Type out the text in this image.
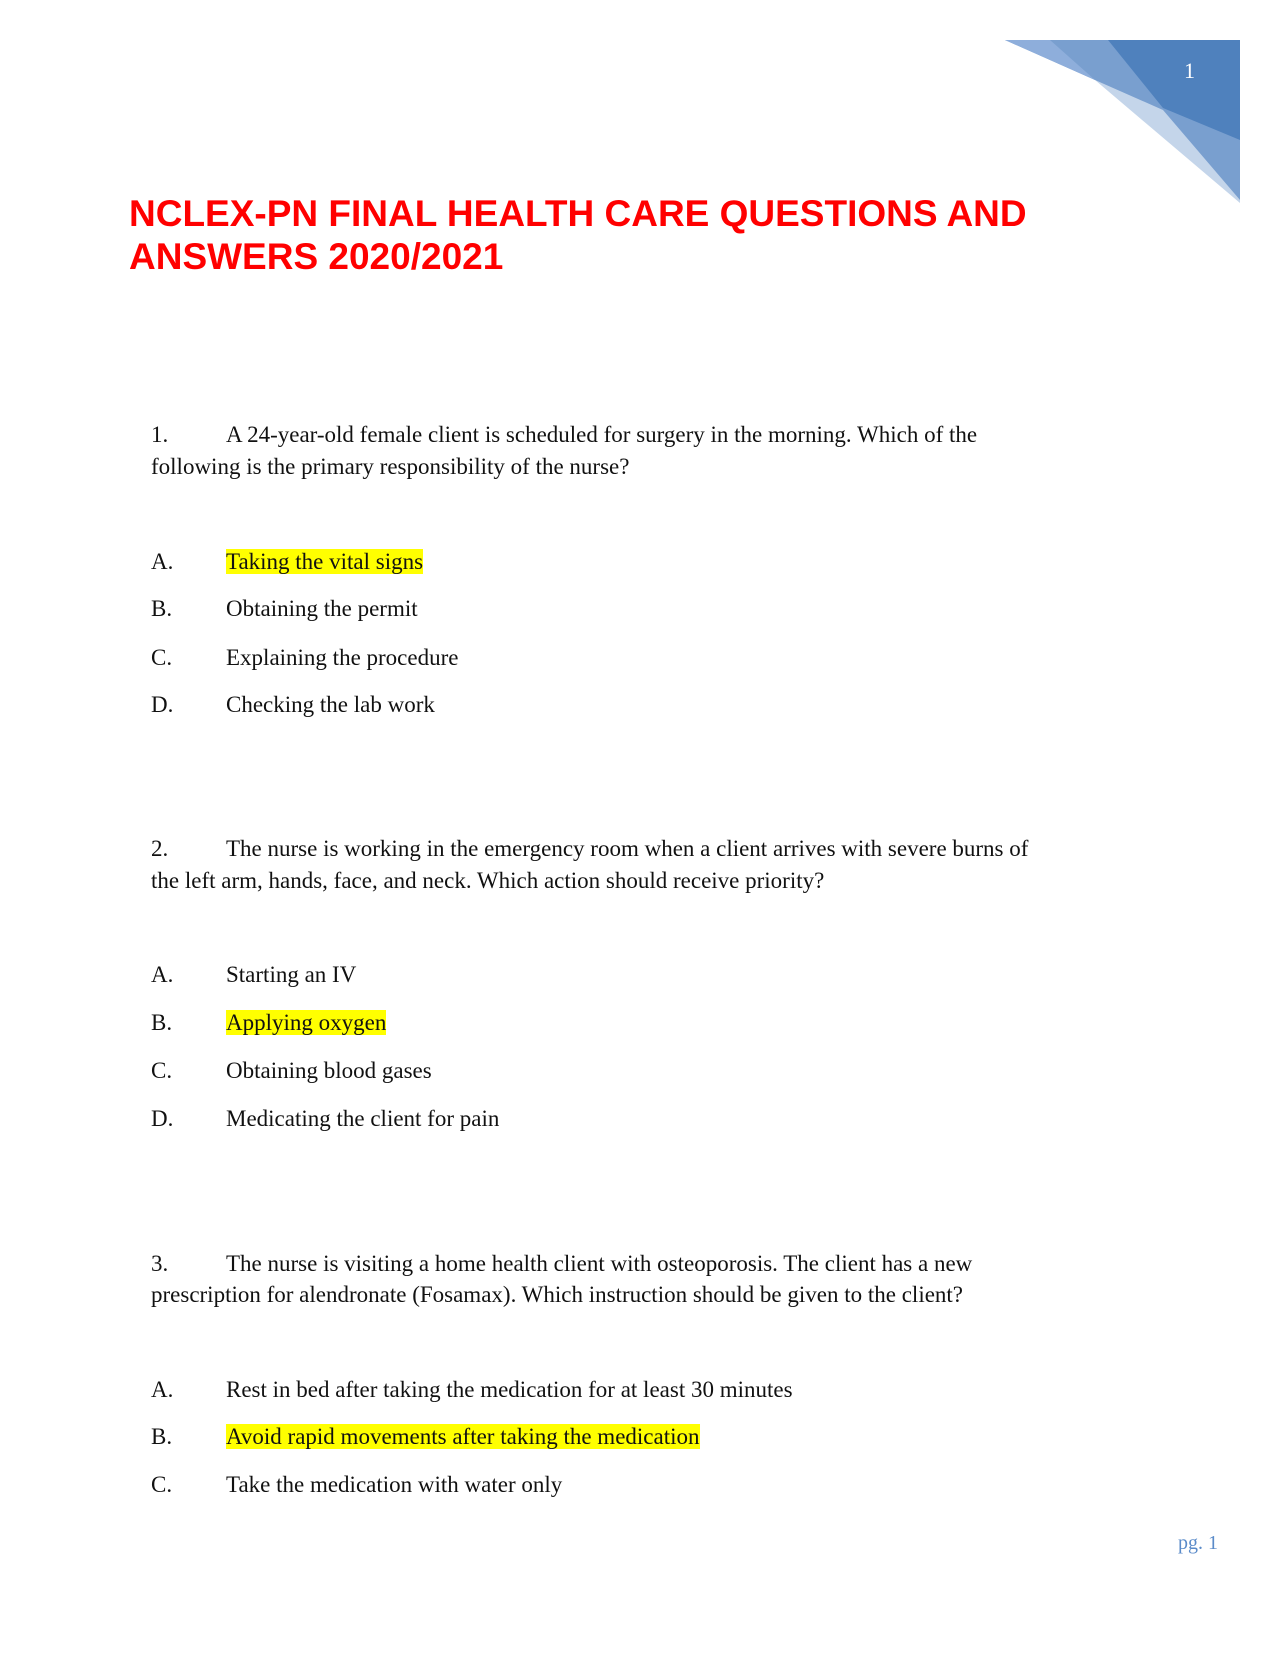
1
NCLEX-PN FINAL HEALTH CARE QUESTIONS AND
ANSWERS 2020/2021
1.	A 24-year-old female client is scheduled for surgery in the morning. Which of the
following is the primary responsibility of the nurse?
A. Taking the vital signs
B. Obtaining the permit
C. Explaining the procedure
D. Checking the lab work
2.	The nurse is working in the emergency room when a client arrives with severe burns of
the left arm, hands, face, and neck. Which action should receive priority?
A. Starting an IV
B. Applying oxygen
C. Obtaining blood gases
D. Medicating the client for pain
3.	The nurse is visiting a home health client with osteoporosis. The client has a new
prescription for alendronate (Fosamax). Which instruction should be given to the client?
A. Rest in bed after taking the medication for at least 30 minutes
B. Avoid rapid movements after taking the medication
C. Take the medication with water only
pg. 1
